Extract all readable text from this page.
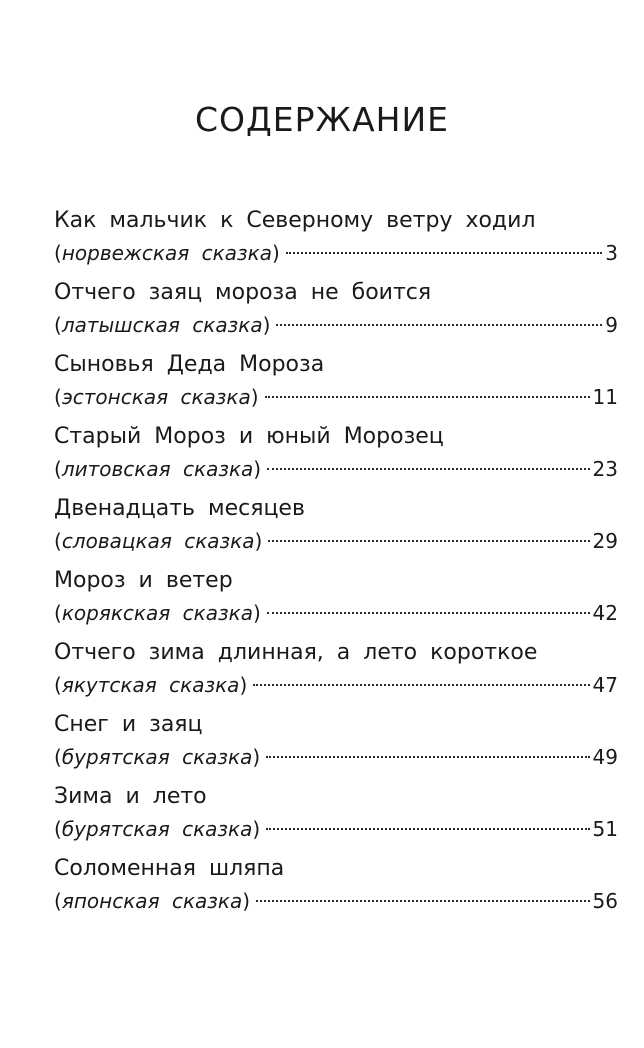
СОДЕРЖАНИЕ
Как мальчик к Северному ветру ходил
(норвежская сказка)	3
Отчего заяц мороза не боится
(латышская сказка)	9
Сыновья Деда Мороза
(эстонская сказка)	11
Старый Мороз и юный Морозец
(литовская сказка)	23
Двенадцать месяцев
(словацкая сказка)	29
Мороз и ветер
(корякская сказка)	42
Отчего зима длинная, а лето короткое
(якутская сказка)	47
Снег и заяц
(бурятская сказка)	49
Зима и лето
(бурятская сказка)	51
Соломенная шляпа
(японская сказка)	56
